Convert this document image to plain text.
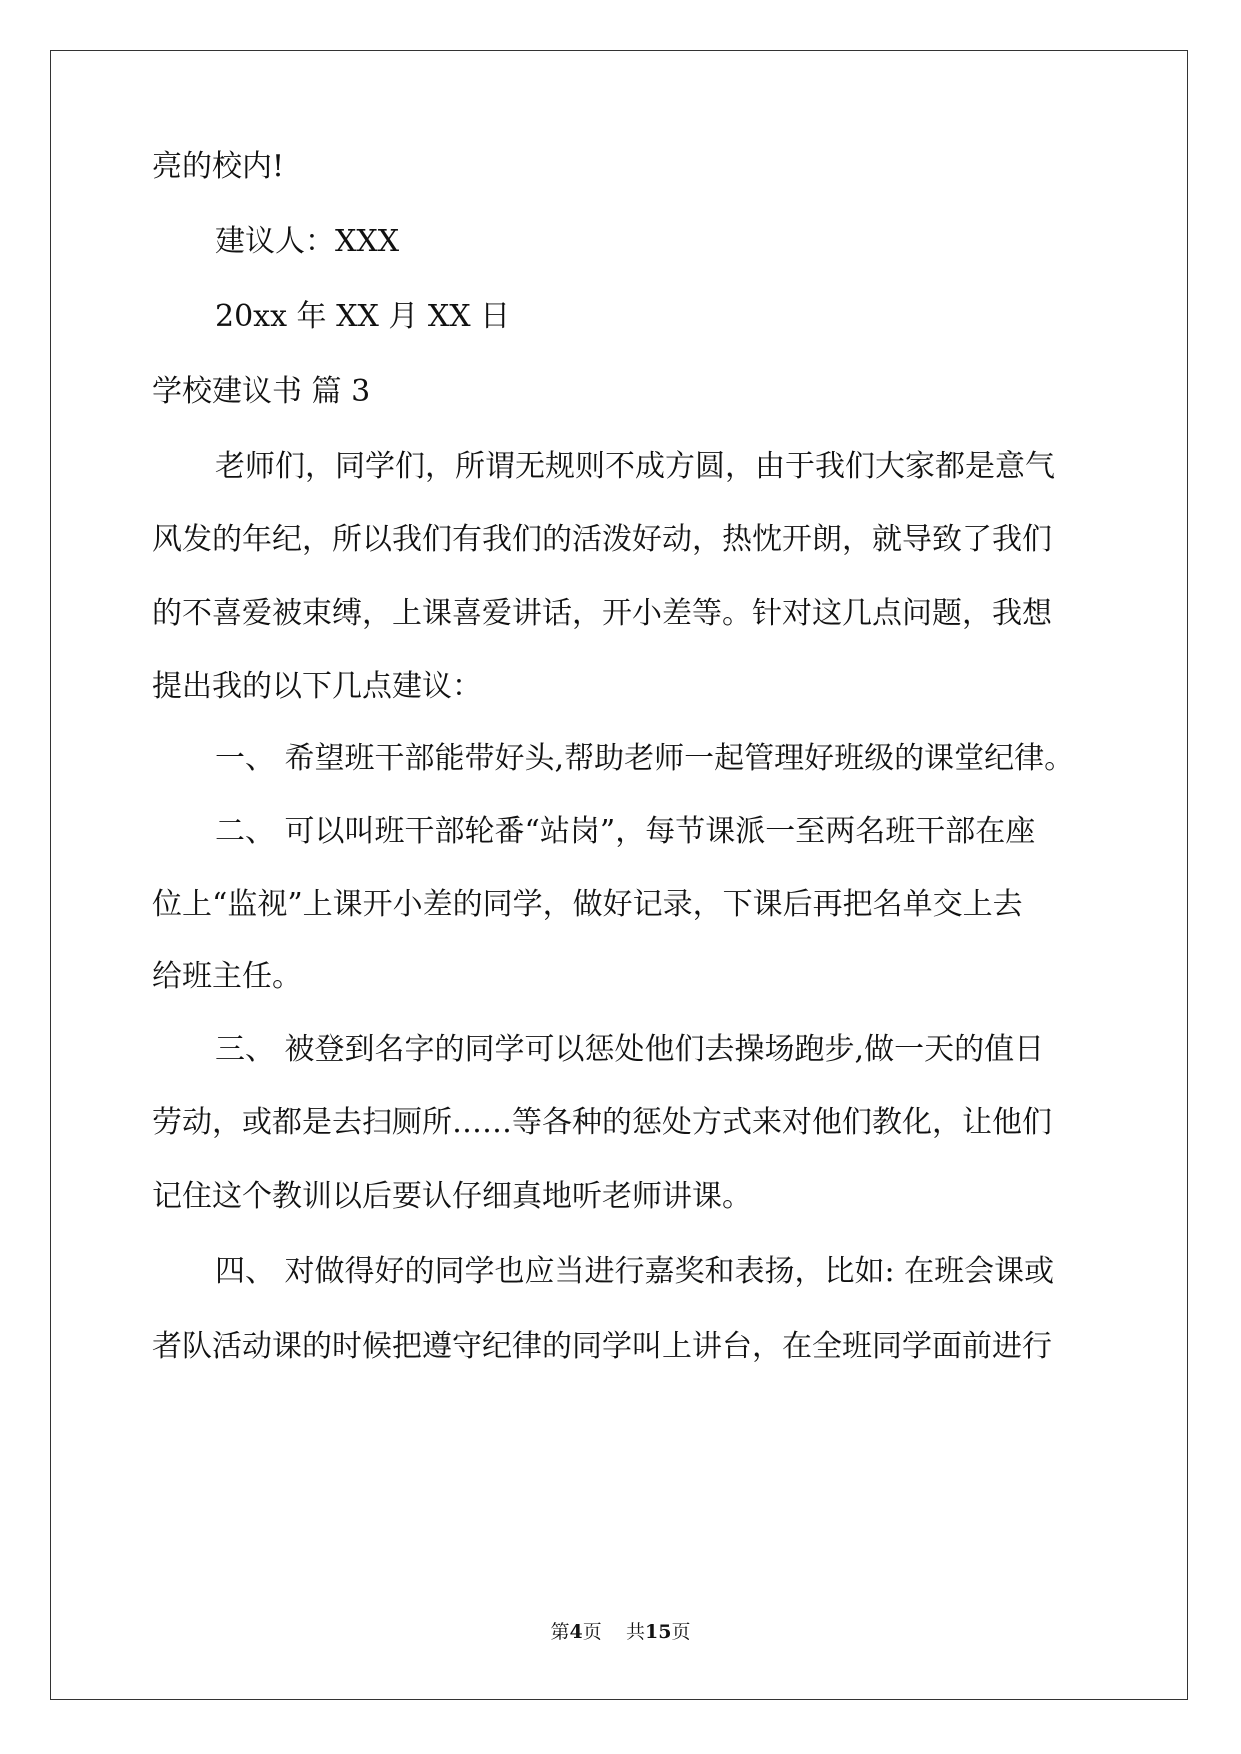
亮的校内!
建议人：XXX
20xx 年 XX 月 XX 日
学校建议书 篇 3
老师们，同学们，所谓无规则不成方圆，由于我们大家都是意气
风发的年纪，所以我们有我们的活泼好动，热忱开朗，就导致了我们
的不喜爱被束缚，上课喜爱讲话，开小差等。针对这几点问题，我想
提出我的以下几点建议：
一、 希望班干部能带好头,帮助老师一起管理好班级的课堂纪律。
二、 可以叫班干部轮番“站岗”，每节课派一至两名班干部在座
位上“监视”上课开小差的同学，做好记录，下课后再把名单交上去
给班主任。
三、 被登到名字的同学可以惩处他们去操场跑步,做一天的值日
劳动，或都是去扫厕所……等各种的惩处方式来对他们教化，让他们
记住这个教训以后要认仔细真地听老师讲课。
四、 对做得好的同学也应当进行嘉奖和表扬，比如: 在班会课或
者队活动课的时候把遵守纪律的同学叫上讲台，在全班同学面前进行
第4页 共15页
